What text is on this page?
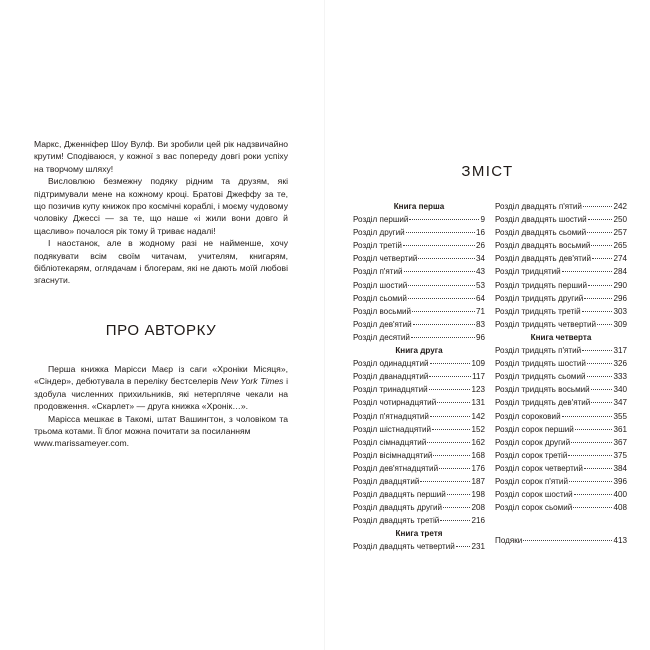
Маркс, Дженніфер Шоу Вулф. Ви зробили цей рік надзвичайно крутим! Сподіваюся, у кожної з вас попереду довгі роки успіху на творчому шляху!

Висловлюю безмежну подяку рідним та друзям, які підтримували мене на кожному кроці. Братові Джеффу за те, що позичив купу книжок про космічні кораблі, і моєму чудовому чоловіку Джессі — за те, що наше «і жили вони довго й щасливо» почалося рік тому й триває надалі!

І наостанок, але в жодному разі не найменше, хочу подякувати всім своїм читачам, учителям, книгарям, бібліотекарям, оглядачам і блогерам, які не дають моїй любові згаснути.

ПРО АВТОРКУ

Перша книжка Марісси Маєр із саги «Хроніки Місяця», «Сіндер», дебютувала в переліку бестселерів New York Times і здобула численних прихильників, які нетерпляче чекали на продовження. «Скарлет» — друга книжка «Хронік…».

Марісса мешкає в Такомі, штат Вашингтон, з чоловіком та трьома котами. Її блог можна почитати за посиланням

www.marissameyer.com.

ЗМІСТ
Книга перша
Розділ перший	9
Розділ другий	16
Розділ третій	26
Розділ четвертий	34
Розділ п'ятий	43
Розділ шостий	53
Розділ сьомий	64
Розділ восьмий	71
Розділ дев'ятий	83
Розділ десятий	96
Книга друга
Розділ одинадцятий	109
Розділ дванадцятий	117
Розділ тринадцятий	123
Розділ чотирнадцятий	131
Розділ п'ятнадцятий	142
Розділ шістнадцятий	152
Розділ сімнадцятий	162
Розділ вісімнадцятий	168
Розділ дев'ятнадцятий	176
Розділ двадцятий	187
Розділ двадцять перший	198
Розділ двадцять другий	208
Розділ двадцять третій	216
Книга третя
Розділ двадцять четвертий 231
Розділ двадцять п'ятий	242
Розділ двадцять шостий	250
Розділ двадцять сьомий	257
Розділ двадцять восьмий	265
Розділ двадцять дев'ятий	274
Розділ тридцятий	284
Розділ тридцять перший	290
Розділ тридцять другий	296
Розділ тридцять третій	303
Розділ тридцять четвертий 309
Книга четверта
Розділ тридцять п'ятий	317
Розділ тридцять шостий	326
Розділ тридцять сьомий	333
Розділ тридцять восьмий	340
Розділ тридцять дев'ятий	347
Розділ сороковий	355
Розділ сорок перший	361
Розділ сорок другий	367
Розділ сорок третій	375
Розділ сорок четвертий	384
Розділ сорок п'ятий	396
Розділ сорок шостий	400
Розділ сорок сьомий	408
Подяки	413
